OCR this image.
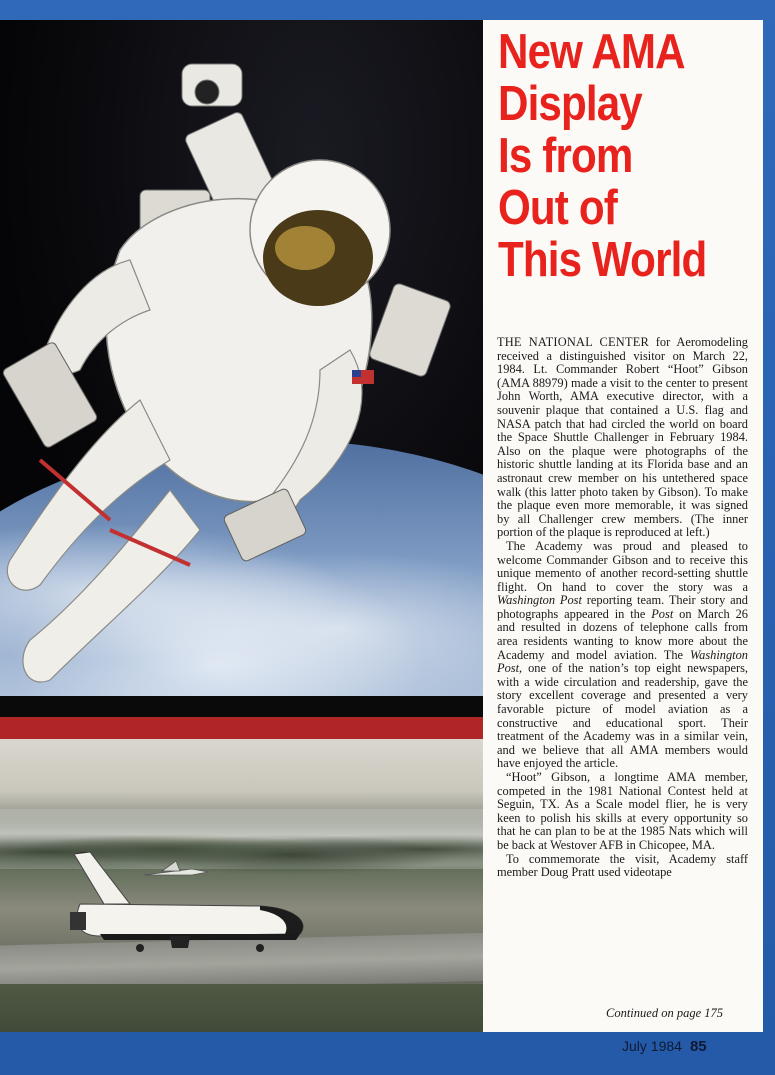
New AMA
Display
Is from
Out of
This World

THE NATIONAL CENTER for Aeromodeling received a distinguished visitor on March 22, 1984. Lt. Commander Robert “Hoot” Gibson (AMA 88979) made a visit to the center to present John Worth, AMA executive director, with a souvenir plaque that contained a U.S. flag and NASA patch that had circled the world on board the Space Shuttle Challenger in February 1984. Also on the plaque were photographs of the historic shuttle landing at its Florida base and an astronaut crew member on his untethered space walk (this latter photo taken by Gibson). To make the plaque even more memorable, it was signed by all Challenger crew members. (The inner portion of the plaque is reproduced at left.)

The Academy was proud and pleased to welcome Commander Gibson and to receive this unique memento of another record-setting shuttle flight. On hand to cover the story was a Washington Post reporting team. Their story and photographs appeared in the Post on March 26 and resulted in dozens of telephone calls from area residents wanting to know more about the Academy and model aviation. The Washington Post, one of the nation’s top eight newspapers, with a wide circulation and readership, gave the story excellent coverage and presented a very favorable picture of model aviation as a constructive and educational sport. Their treatment of the Academy was in a similar vein, and we believe that all AMA members would have enjoyed the article.

“Hoot” Gibson, a longtime AMA member, competed in the 1981 National Contest held at Seguin, TX. As a Scale model flier, he is very keen to polish his skills at every opportunity so that he can plan to be at the 1985 Nats which will be back at Westover AFB in Chicopee, MA.

To commemorate the visit, Academy staff member Doug Pratt used videotape

Continued on page 175
July 1984 85
